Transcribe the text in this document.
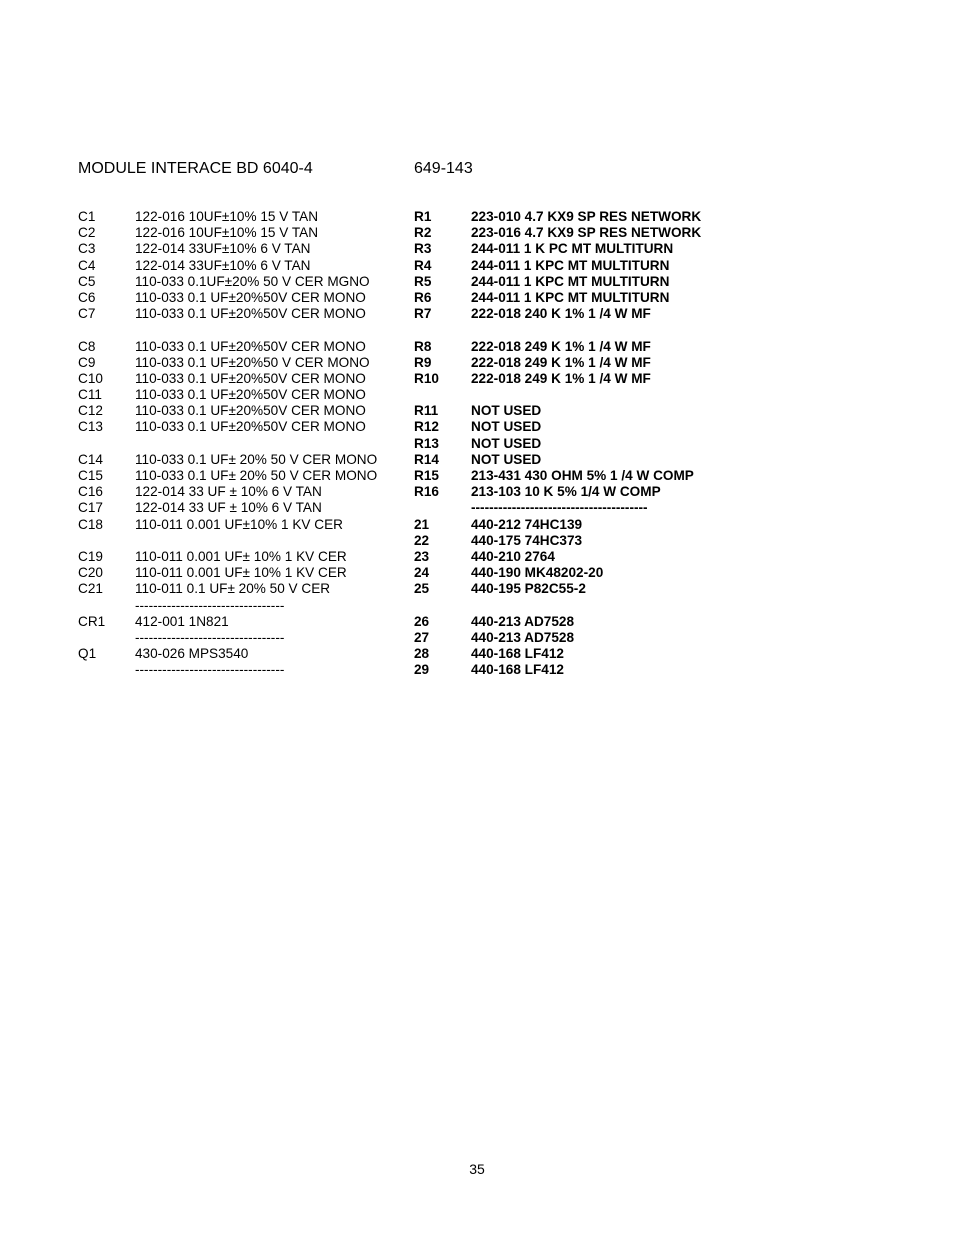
MODULE INTERACE BD 6040-4	649-143
C1	122-016 10UF±10% 15 V TAN
C2	122-016 10UF±10% 15 V TAN
C3	122-014 33UF±10% 6 V TAN
C4	122-014 33UF±10% 6 V TAN
C5	110-033 0.1UF±20% 50 V CER MGNO
C6	110-033 0.1 UF±20%50V CER MONO
C7	110-033 0.1 UF±20%50V CER MONO
C8	110-033 0.1 UF±20%50V CER MONO
C9	110-033 0.1 UF±20%50 V CER MONO
C10 110-033 0.1 UF±20%50V CER MONO
C11 110-033 0.1 UF±20%50V CER MONO
C12 110-033 0.1 UF±20%50V CER MONO
C13 110-033 0.1 UF±20%50V CER MONO
C14 110-033 0.1 UF± 20% 50 V CER MONO
C15 110-033 0.1 UF± 20% 50 V CER MONO
C16 122-014 33 UF ± 10% 6 V TAN
C17 122-014 33 UF ± 10% 6 V TAN
C18 110-011 0.001 UF±10% 1 KV CER
C19 110-011 0.001 UF± 10% 1 KV CER
C20 110-011 0.001 UF± 10% 1 KV CER
C21 110-011 0.1 UF± 20% 50 V CER
---------------------------------
CR1 412-001 1N821
---------------------------------
Q1	430-026 MPS3540
---------------------------------
R1	223-010 4.7 KX9 SP RES NETWORK
R2	223-016 4.7 KX9 SP RES NETWORK
R3	244-011 1 K PC MT MULTITURN
R4	244-011 1 KPC MT MULTITURN
R5	244-011 1 KPC MT MULTITURN
R6	244-011 1 KPC MT MULTITURN
R7	222-018 240 K 1% 1 /4 W MF
R8	222-018 249 K 1% 1 /4 W MF
R9	222-018 249 K 1% 1 /4 W MF
R10 222-018 249 K 1% 1 /4 W MF
R11 NOT USED
R12 NOT USED
R13 NOT USED
R14 NOT USED
R15 213-431 430 OHM 5% 1 /4 W COMP
R16 213-103 10 K 5% 1/4 W COMP
---------------------------------------
21	440-212 74HC139
22	440-175 74HC373
23	440-210 2764
24	440-190 MK48202-20
25	440-195 P82C55-2
26	440-213 AD7528
27	440-213 AD7528
28	440-168 LF412
29	440-168 LF412
35
